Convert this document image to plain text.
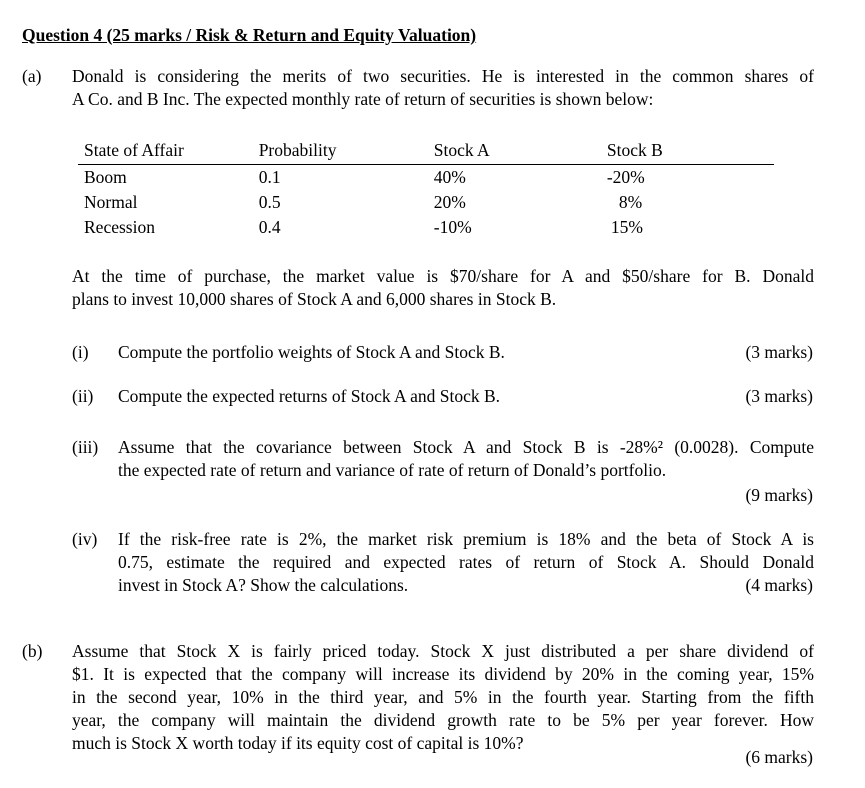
Question 4 (25 marks / Risk & Return and Equity Valuation)
(a) Donald is considering the merits of two securities. He is interested in the common shares of
A Co. and B Inc. The expected monthly rate of return of securities is shown below:
State of Affair	Probability	Stock A	Stock B
Boom	0.1	40%	-20%
Normal	0.5	20%	8%
Recession	0.4	-10%	15%
At the time of purchase, the market value is $70/share for A and $50/share for B. Donald
plans to invest 10,000 shares of Stock A and 6,000 shares in Stock B.
(i) Compute the portfolio weights of Stock A and Stock B.	(3 marks)
(ii) Compute the expected returns of Stock A and Stock B.	(3 marks)
(iii) Assume that the covariance between Stock A and Stock B is -28%² (0.0028). Compute
the expected rate of return and variance of rate of return of Donald’s portfolio.
(9 marks)
(iv) If the risk-free rate is 2%, the market risk premium is 18% and the beta of Stock A is
0.75, estimate the required and expected rates of return of Stock A. Should Donald
invest in Stock A? Show the calculations.	(4 marks)
(b) Assume that Stock X is fairly priced today. Stock X just distributed a per share dividend of
$1. It is expected that the company will increase its dividend by 20% in the coming year, 15%
in the second year, 10% in the third year, and 5% in the fourth year. Starting from the fifth
year, the company will maintain the dividend growth rate to be 5% per year forever. How
much is Stock X worth today if its equity cost of capital is 10%?
(6 marks)
